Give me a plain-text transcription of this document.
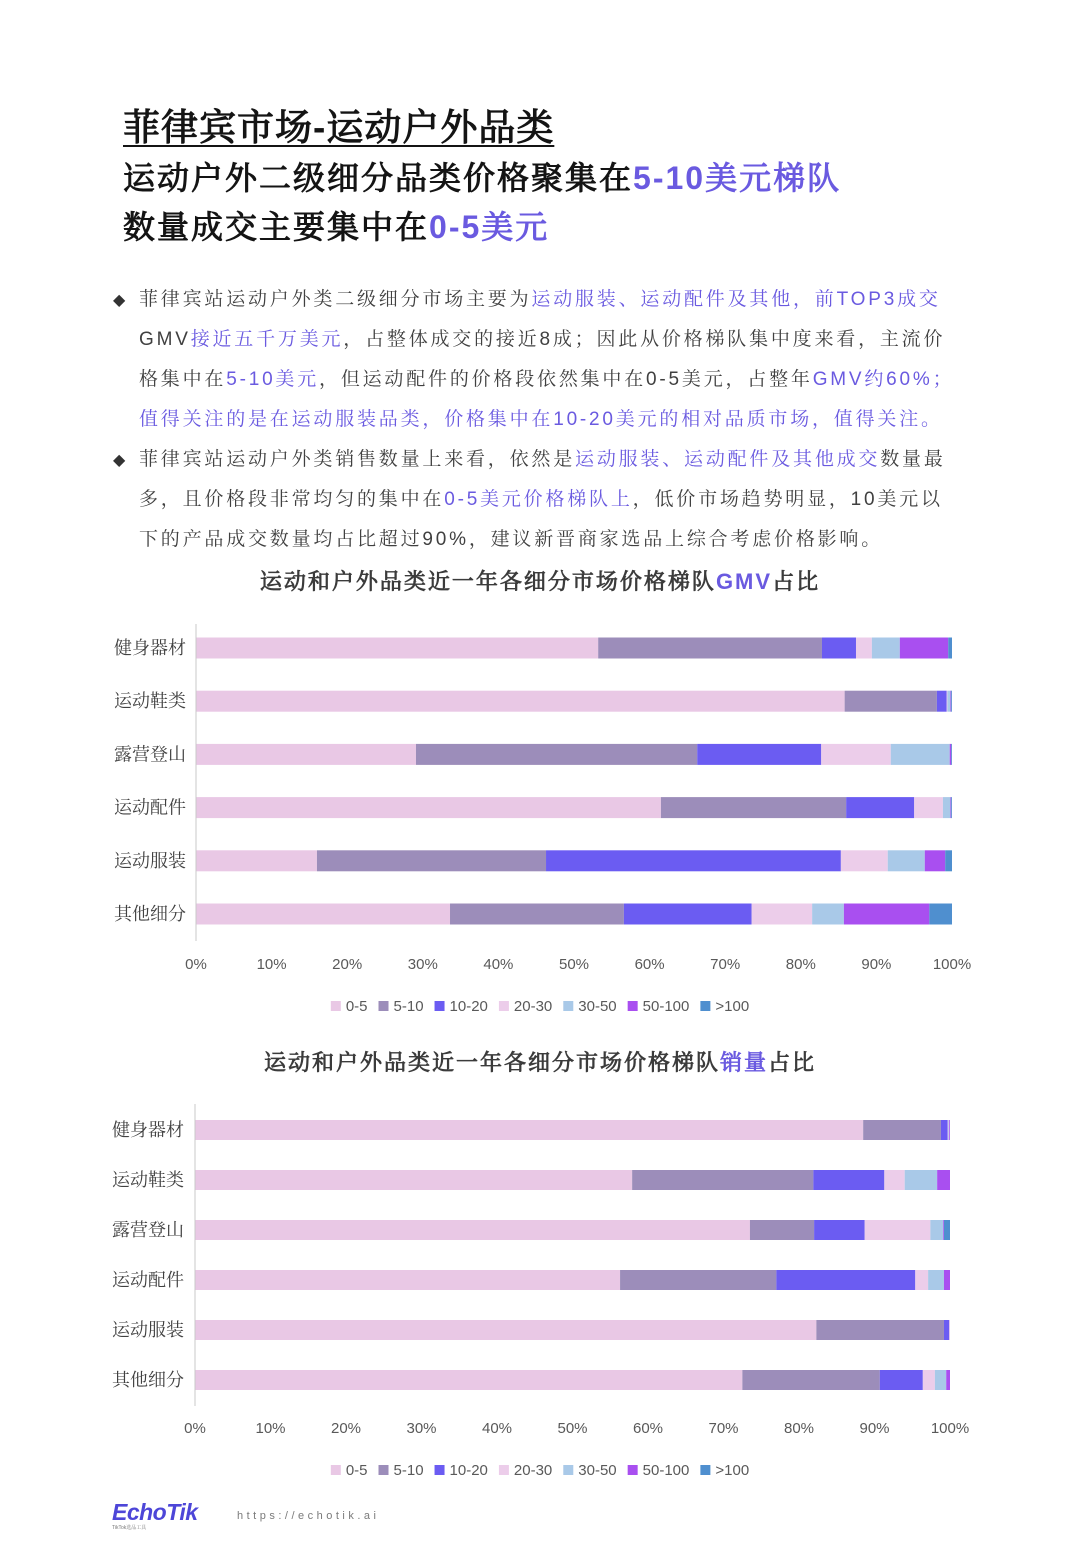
健身器材
运动鞋类
露营登山
运动配件
运动服装
其他细分
0%	10%	20%	30%	40%	50%	60%	70%	80%	90%	100%
0-5 5-10 10-20 20-30 30-50 50-100 >100
健身器材
运动鞋类
露营登山
运动配件
运动服装
其他细分
0%	10%	20%	30%	40%	50%	60%	70%	80%	90%	100%
0-5 5-10 10-20 20-30 30-50 50-100 >100
菲律宾市场-运动户外品类
运动户外二级细分品类价格聚集在5-10美元梯队
数量成交主要集中在0-5美元
◆ 菲律宾站运动户外类二级细分市场主要为运动服装、运动配件及其他，前TOP3成交
GMV接近五千万美元，占整体成交的接近8成；因此从价格梯队集中度来看，主流价
格集中在5-10美元，但运动配件的价格段依然集中在0-5美元，占整年GMV约60%；
值得关注的是在运动服装品类，价格集中在10-20美元的相对品质市场，值得关注。
◆ 菲律宾站运动户外类销售数量上来看，依然是运动服装、运动配件及其他成交数量最
多，且价格段非常均匀的集中在0-5美元价格梯队上，低价市场趋势明显，10美元以
下的产品成交数量均占比超过90%，建议新晋商家选品上综合考虑价格影响。
运动和户外品类近一年各细分市场价格梯队GMV占比
运动和户外品类近一年各细分市场价格梯队销量占比
EchoTik
TikTok选品工具
https://echotik.ai
